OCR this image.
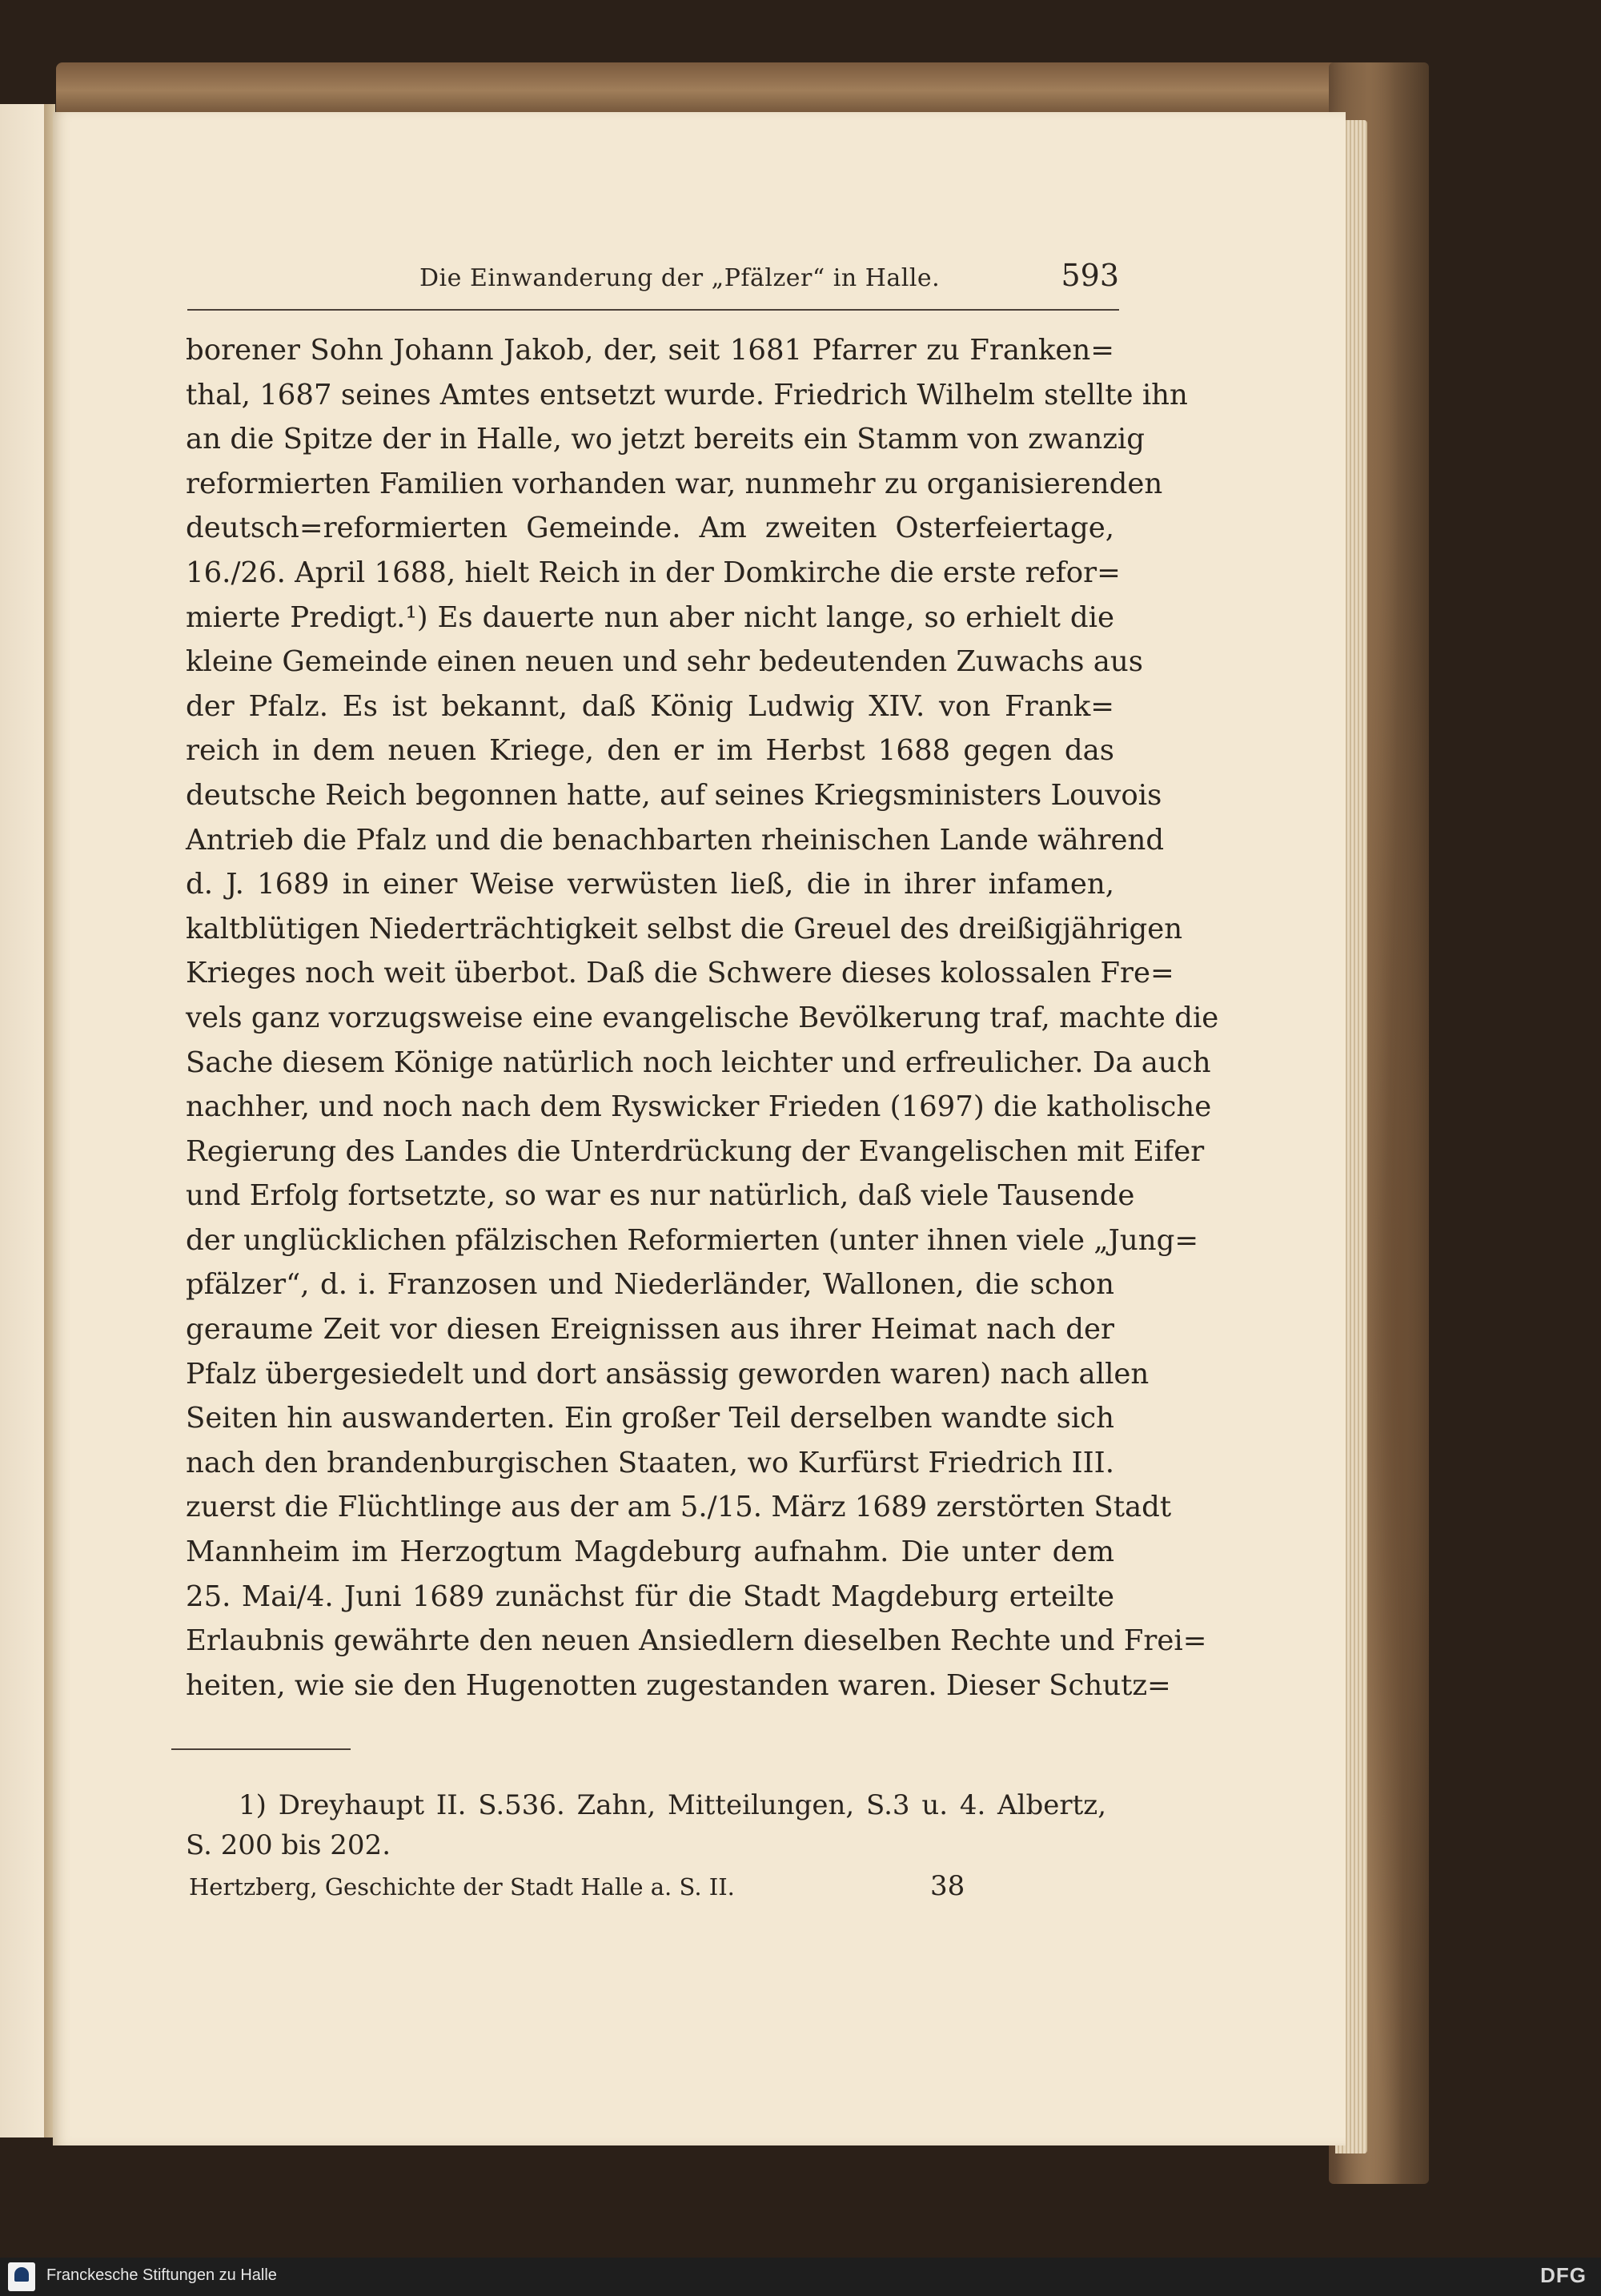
Die Einwanderung der „Pfälzer“ in Halle.	593
borener Sohn Johann Jakob, der, seit 1681 Pfarrer zu Franken=
thal, 1687 seines Amtes entsetzt wurde. Friedrich Wilhelm stellte ihn
an die Spitze der in Halle, wo jetzt bereits ein Stamm von zwanzig
reformierten Familien vorhanden war, nunmehr zu organisierenden
deutsch=reformierten Gemeinde. Am zweiten Osterfeiertage,
16./26. April 1688, hielt Reich in der Domkirche die erste refor=
mierte Predigt.¹) Es dauerte nun aber nicht lange, so erhielt die
kleine Gemeinde einen neuen und sehr bedeutenden Zuwachs aus
der Pfalz. Es ist bekannt, daß König Ludwig XIV. von Frank=
reich in dem neuen Kriege, den er im Herbst 1688 gegen das
deutsche Reich begonnen hatte, auf seines Kriegsministers Louvois
Antrieb die Pfalz und die benachbarten rheinischen Lande während
d. J. 1689 in einer Weise verwüsten ließ, die in ihrer infamen,
kaltblütigen Niederträchtigkeit selbst die Greuel des dreißigjährigen
Krieges noch weit überbot. Daß die Schwere dieses kolossalen Fre=
vels ganz vorzugsweise eine evangelische Bevölkerung traf, machte die
Sache diesem Könige natürlich noch leichter und erfreulicher. Da auch
nachher, und noch nach dem Ryswicker Frieden (1697) die katholische
Regierung des Landes die Unterdrückung der Evangelischen mit Eifer
und Erfolg fortsetzte, so war es nur natürlich, daß viele Tausende
der unglücklichen pfälzischen Reformierten (unter ihnen viele „Jung=
pfälzer“, d. i. Franzosen und Niederländer, Wallonen, die schon
geraume Zeit vor diesen Ereignissen aus ihrer Heimat nach der
Pfalz übergesiedelt und dort ansässig geworden waren) nach allen
Seiten hin auswanderten. Ein großer Teil derselben wandte sich
nach den brandenburgischen Staaten, wo Kurfürst Friedrich III.
zuerst die Flüchtlinge aus der am 5./15. März 1689 zerstörten Stadt
Mannheim im Herzogtum Magdeburg aufnahm. Die unter dem
25. Mai/4. Juni 1689 zunächst für die Stadt Magdeburg erteilte
Erlaubnis gewährte den neuen Ansiedlern dieselben Rechte und Frei=
heiten, wie sie den Hugenotten zugestanden waren. Dieser Schutz=
1) Dreyhaupt II. S.536. Zahn, Mitteilungen, S.3 u. 4. Albertz,
S. 200 bis 202.
Hertzberg, Geschichte der Stadt Halle a. S. II.	38
Franckesche Stiftungen zu Halle	DFG
